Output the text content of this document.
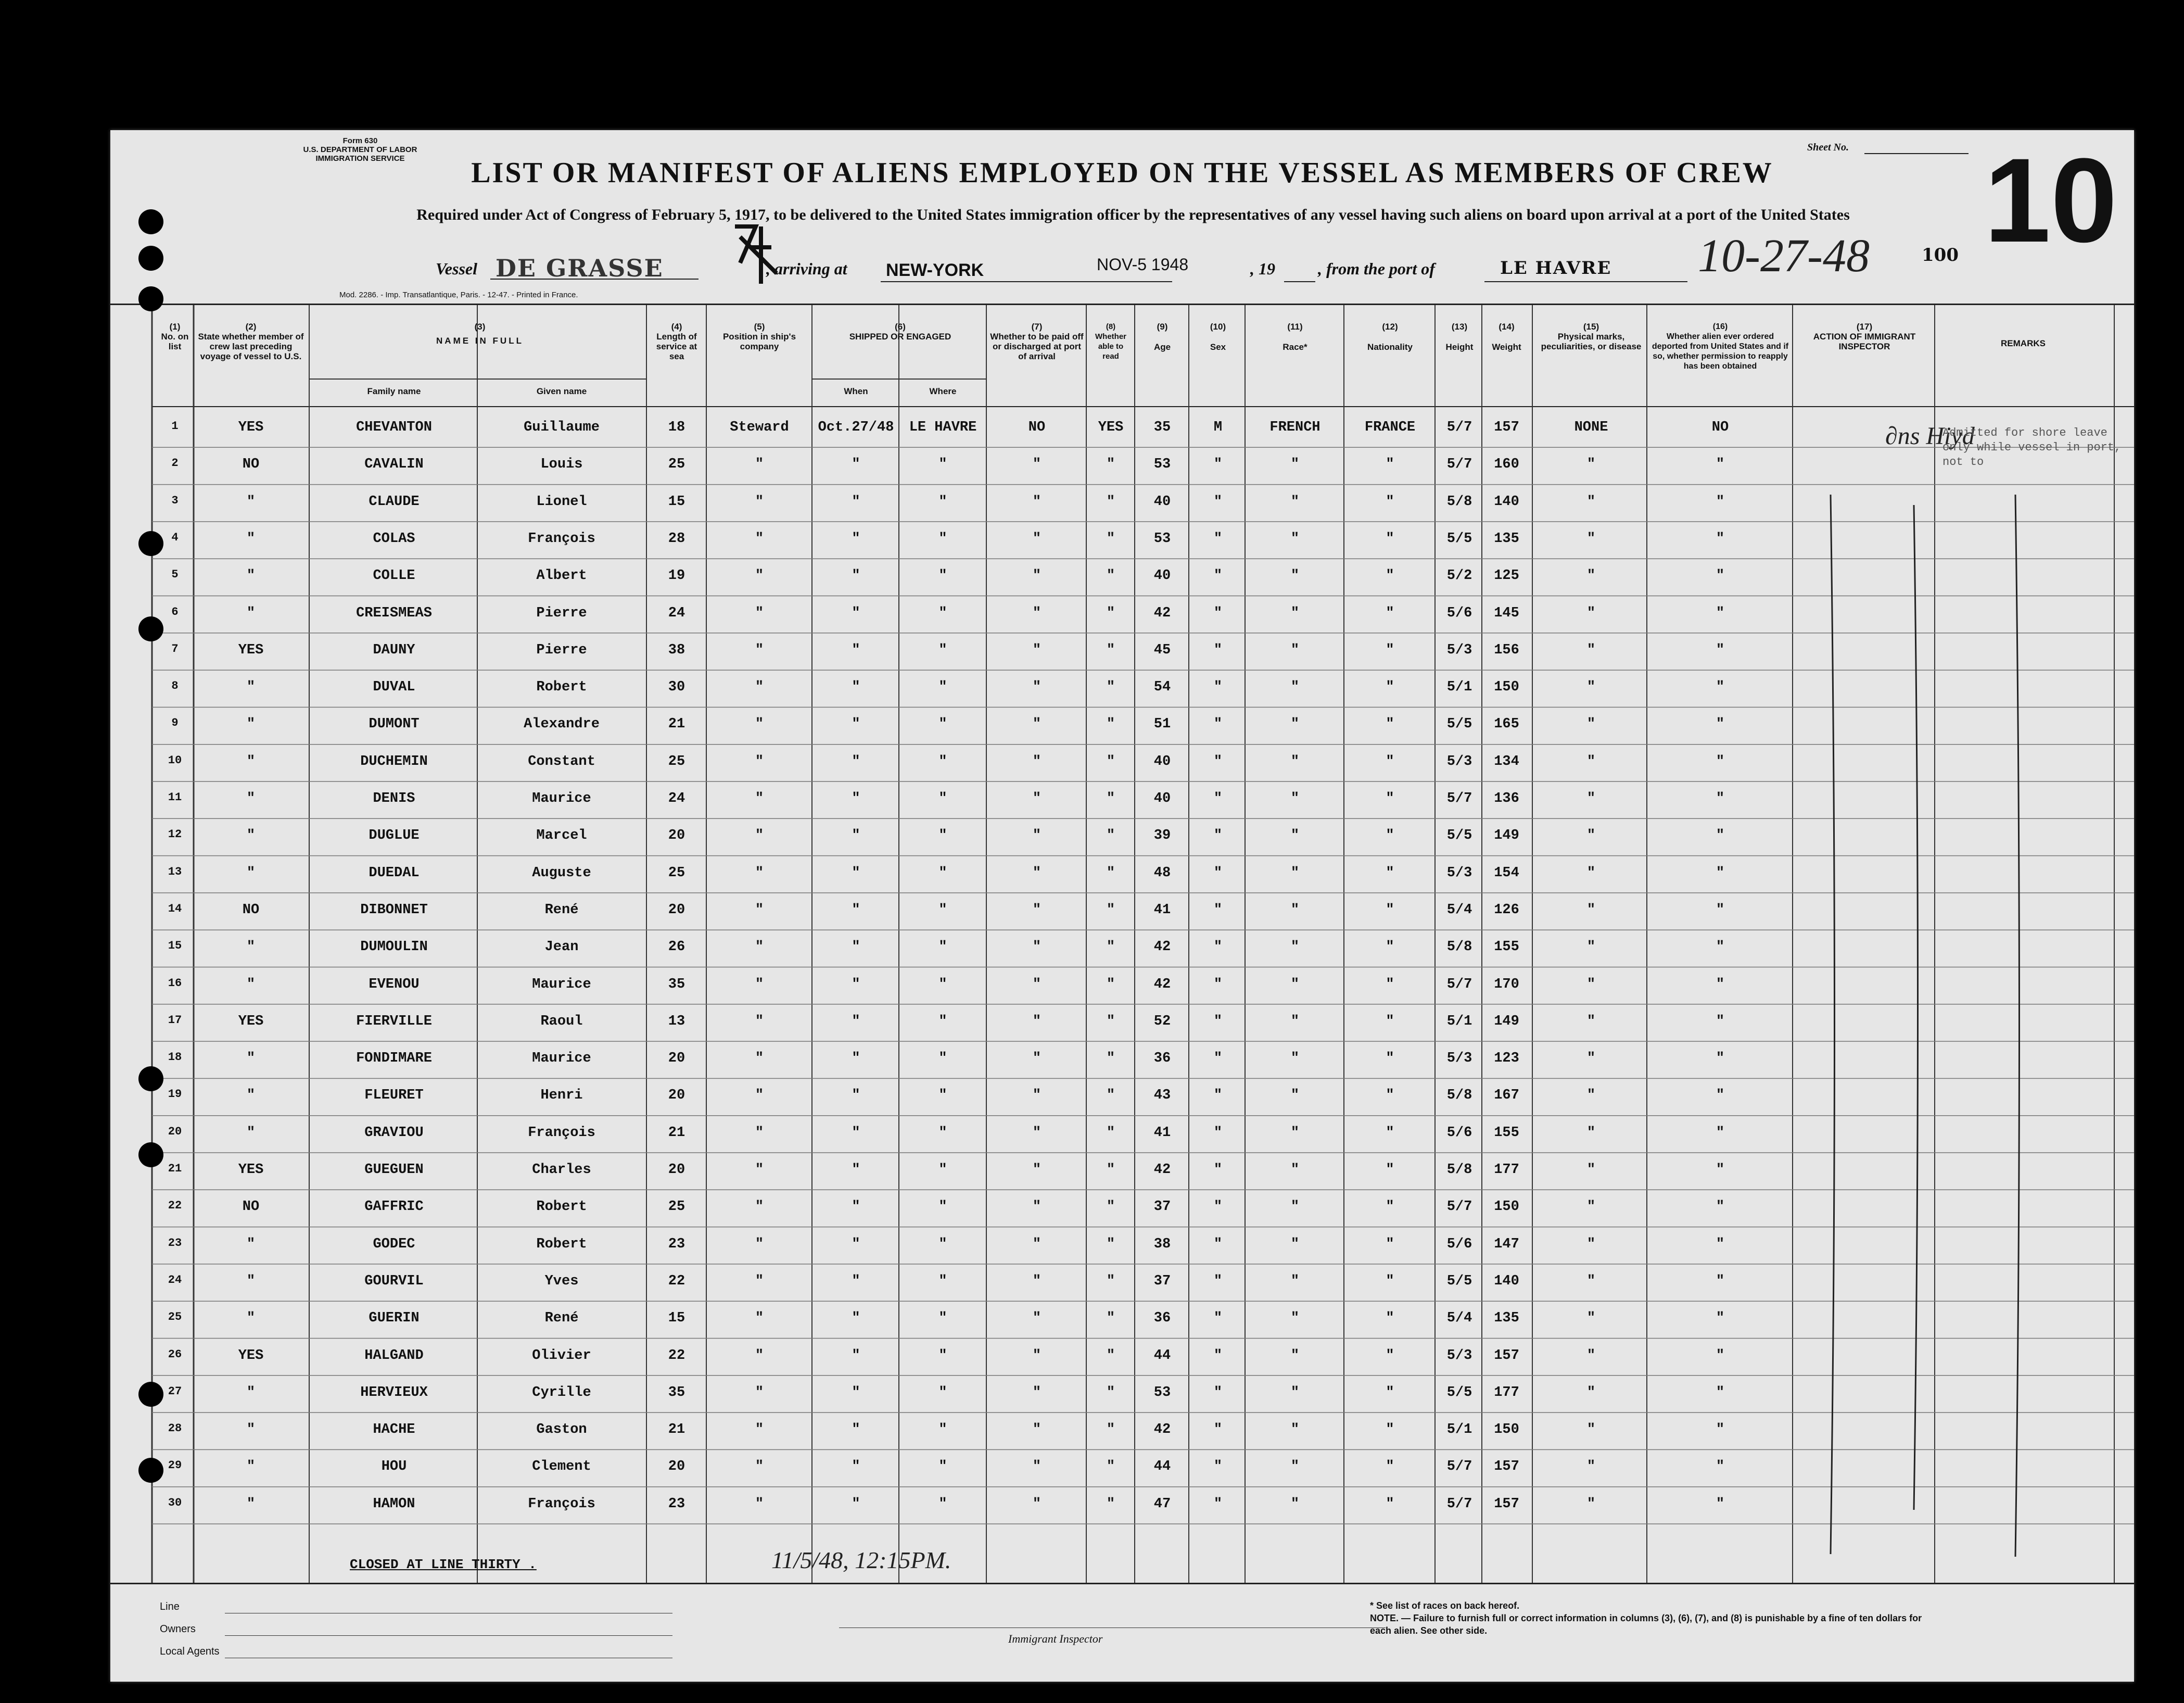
Form 630
U.S. DEPARTMENT OF LABOR
IMMIGRATION SERVICE
Sheet No. 10
LIST OR MANIFEST OF ALIENS EMPLOYED ON THE VESSEL AS MEMBERS OF CREW
Required under Act of Congress of February 5, 1917, to be delivered to the United States immigration officer by the representatives of any vessel having such aliens on board upon arrival at a port of the United States
Vessel DE GRASSE	, arriving at NEW-YORK	NOV-5 1948	, 19	, from the port of	LE HAVRE 10-27-48	100
Mod. 2286. - Imp. Transatlantique, Paris. - 12-47. - Printed in France.
(1)
No. on list
(2)
State whether member of crew last preceding voyage of vessel to U.S.
(3)
NAME IN FULL
Family name	Given name
(4)
Length of service at sea
(5)
Position in ship's company
(6)
SHIPPED OR ENGAGED
When	Where
(7)
Whether to be paid off or discharged at port of arrival
(8)
Whether able to read
(9)
Age
(10)
Sex
(11)
Race*
(12)
Nationality
(13)
Height
(14)
Weight
(15)
Physical marks, peculiarities, or disease
(16)
Whether alien ever ordered deported from United States and if so, whether permission to reapply has been obtained
(17)
ACTION OF IMMIGRANT INSPECTOR	REMARKS
1	YES	CHEVANTON	Guillaume	18	Steward	Oct.27/48	LE HAVRE	NO	YES	35	M	FRENCH	FRANCE	5/7	157	NONE	NO
2	NO	CAVALIN	Louis	25	"	"	"	"	"	53	"	"	"	5/7	160	"	"
3	"	CLAUDE	Lionel	15	"	"	"	"	"	40	"	"	"	5/8	140	"	"
4	"	COLAS	François	28	"	"	"	"	"	53	"	"	"	5/5	135	"	"
5	"	COLLE	Albert	19	"	"	"	"	"	40	"	"	"	5/2	125	"	"
6	"	CREISMEAS	Pierre	24	"	"	"	"	"	42	"	"	"	5/6	145	"	"
7	YES	DAUNY	Pierre	38	"	"	"	"	"	45	"	"	"	5/3	156	"	"
8	"	DUVAL	Robert	30	"	"	"	"	"	54	"	"	"	5/1	150	"	"
9	"	DUMONT	Alexandre	21	"	"	"	"	"	51	"	"	"	5/5	165	"	"
10	"	DUCHEMIN	Constant	25	"	"	"	"	"	40	"	"	"	5/3	134	"	"
11	"	DENIS	Maurice	24	"	"	"	"	"	40	"	"	"	5/7	136	"	"
12	"	DUGLUE	Marcel	20	"	"	"	"	"	39	"	"	"	5/5	149	"	"
13	"	DUEDAL	Auguste	25	"	"	"	"	"	48	"	"	"	5/3	154	"	"
14	NO	DIBONNET	René	20	"	"	"	"	"	41	"	"	"	5/4	126	"	"
15	"	DUMOULIN	Jean	26	"	"	"	"	"	42	"	"	"	5/8	155	"	"
16	"	EVENOU	Maurice	35	"	"	"	"	"	42	"	"	"	5/7	170	"	"
17	YES	FIERVILLE	Raoul	13	"	"	"	"	"	52	"	"	"	5/1	149	"	"
18	"	FONDIMARE	Maurice	20	"	"	"	"	"	36	"	"	"	5/3	123	"	"
19	"	FLEURET	Henri	20	"	"	"	"	"	43	"	"	"	5/8	167	"	"
20	"	GRAVIOU	François	21	"	"	"	"	"	41	"	"	"	5/6	155	"	"
21	YES	GUEGUEN	Charles	20	"	"	"	"	"	42	"	"	"	5/8	177	"	"
22	NO	GAFFRIC	Robert	25	"	"	"	"	"	37	"	"	"	5/7	150	"	"
23	"	GODEC	Robert	23	"	"	"	"	"	38	"	"	"	5/6	147	"	"
24	"	GOURVIL	Yves	22	"	"	"	"	"	37	"	"	"	5/5	140	"	"
25	"	GUERIN	René	15	"	"	"	"	"	36	"	"	"	5/4	135	"	"
26	YES	HALGAND	Olivier	22	"	"	"	"	"	44	"	"	"	5/3	157	"	"
27	"	HERVIEUX	Cyrille	35	"	"	"	"	"	53	"	"	"	5/5	177	"	"
28	"	HACHE	Gaston	21	"	"	"	"	"	42	"	"	"	5/1	150	"	"
29	"	HOU	Clement	20	"	"	"	"	"	44	"	"	"	5/7	157	"	"
30	"	HAMON	François	23	"	"	"	"	"	47	"	"	"	5/7	157	"	"
∂ns Hiyd
Admitted for shore leave only while vessel in port, not to
CLOSED AT LINE THIRTY .	11/5/48, 12:15PM.
Line
Owners
Local Agents
Immigrant Inspector
* See list of races on back hereof.
NOTE. — Failure to furnish full or correct information in columns (3), (6), (7), and (8) is punishable by a fine of ten dollars for each alien. See other side.
